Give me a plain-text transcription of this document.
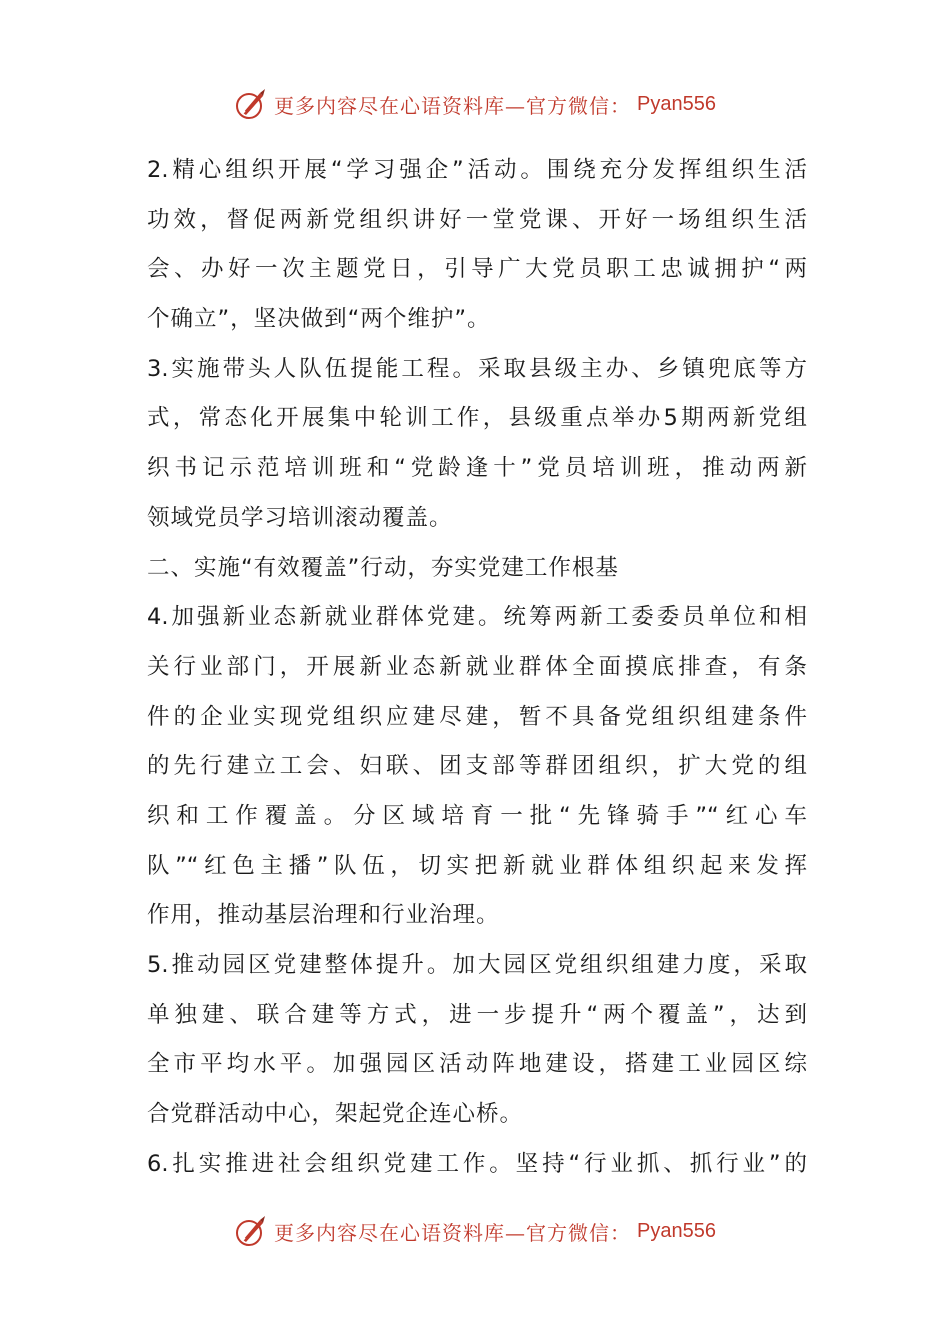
更多内容尽在心语资料库—官方微信： Pyan556
2.精心组织开展“学习强企”活动。围绕充分发挥组织生活
功效，督促两新党组织讲好一堂党课、开好一场组织生活
会、办好一次主题党日，引导广大党员职工忠诚拥护“两
个确立”，坚决做到“两个维护”。
3.实施带头人队伍提能工程。采取县级主办、乡镇兜底等方
式，常态化开展集中轮训工作，县级重点举办5期两新党组
织书记示范培训班和“党龄逢十”党员培训班，推动两新
领域党员学习培训滚动覆盖。
二、实施“有效覆盖”行动，夯实党建工作根基
4.加强新业态新就业群体党建。统筹两新工委委员单位和相
关行业部门，开展新业态新就业群体全面摸底排查，有条
件的企业实现党组织应建尽建，暂不具备党组织组建条件
的先行建立工会、妇联、团支部等群团组织，扩大党的组
织和工作覆盖。分区域培育一批“先锋骑手”“红心车
队”“红色主播”队伍，切实把新就业群体组织起来发挥
作用，推动基层治理和行业治理。
5.推动园区党建整体提升。加大园区党组织组建力度，采取
单独建、联合建等方式，进一步提升“两个覆盖”，达到
全市平均水平。加强园区活动阵地建设，搭建工业园区综
合党群活动中心，架起党企连心桥。
6.扎实推进社会组织党建工作。坚持“行业抓、抓行业”的
更多内容尽在心语资料库—官方微信： Pyan556
